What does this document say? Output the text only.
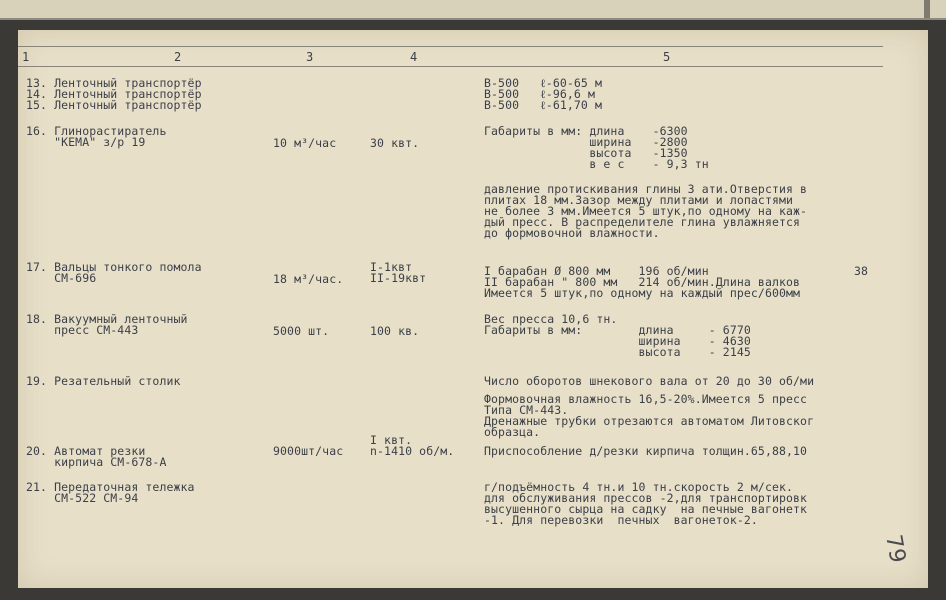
1	2	3	4	5
13. Ленточный транспортёр	В-500   ℓ-60-65 м
14. Ленточный транспортёр	В-500   ℓ-96,6 м
15. Ленточный транспортёр	В-500   ℓ-61,70 м
16. Глинорастиратель
"КЕМА" з/р 19	10 м³/час	30 квт.
Габариты в мм: длина    -6300
ширина   -2800
высота   -1350
в е с    - 9,3 тн
давление протискивания глины 3 ати.Отверстия в
плитах 18 мм.Зазор между плитами и лопастями
не более 3 мм.Имеется 5 штук,по одному на каж-
дый пресс. В распределителе глина увлажняется
до формовочной влажности.
17. Вальцы тонкого помола
СМ-696	18 м³/час.
I-1квт
II-19квт	I барабан Ø 800 мм    196 об/мин
II барабан " 800 мм   214 об/мин.Длина валков
Имеется 5 штук,по одному на каждый прес/600мм
18. Вакуумный ленточный
пресс СМ-443	5000 шт.	100 кв.
Вес пресса 10,6 тн.
Габариты в мм:        длина     - 6770
ширина    - 4630
высота    - 2145
19. Резательный столик	Число оборотов шнекового вала от 20 до 30 об/ми
Формовочная влажность 16,5-20%.Имеется 5 пресс
Типа СМ-443.
Дренажные трубки отрезаются автоматом Литовског
образца.
20. Автомат резки
кирпича СМ-678-А
9000шт/час
I квт.
n-1410 об/м.	Приспособление д/резки кирпича толщин.65,88,10
21. Передаточная тележка
СМ-522 СМ-94
г/подъёмность 4 тн.и 10 тн.скорость 2 м/сек.
для обслуживания прессов -2,для транспортировк
высушенного сырца на садку  на печные вагонетк
-1. Для перевозки  печных  вагонеток-2.
38
79
